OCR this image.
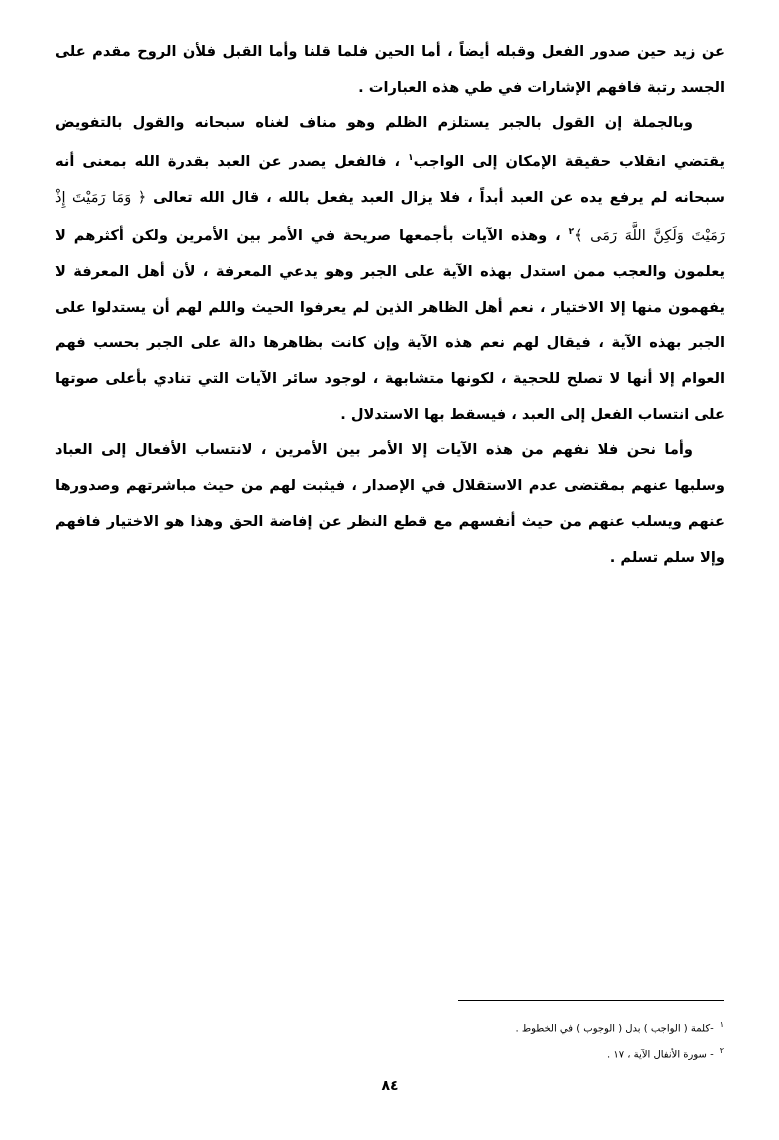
عن زيد حين صدور الفعل وقبله أيضاً ، أما الحين فلما قلنا وأما القبل فلأن الروح مقدم على الجسد رتبة فافهم الإشارات في طي هذه العبارات .

وبالجملة إن القول بالجبر يستلزم الظلم وهو مناف لغناه سبحانه والقول بالتفويض يقتضي انقلاب حقيقة الإمكان إلى الواجب$^١$ ، فالفعل يصدر عن العبد بقدرة الله بمعنى أنه سبحانه لم يرفع يده عن العبد أبداً ، فلا يزال العبد يفعل بالله ، قال الله تعالى ﴿ وَمَا رَمَيْتَ إِذْ رَمَيْتَ وَلَكِنَّ اللَّهَ رَمَى ﴾$^٢$ ، وهذه الآيات بأجمعها صريحة في الأمر بين الأمرين ولكن أكثرهم لا يعلمون والعجب ممن استدل بهذه الآية على الجبر وهو يدعي المعرفة ، لأن أهل المعرفة لا يفهمون منها إلا الاختيار ، نعم أهل الظاهر الذين لم يعرفوا الحيث واللم لهم أن يستدلوا على الجبر بهذه الآية ، فيقال لهم نعم هذه الآية وإن كانت بظاهرها دالة على الجبر بحسب فهم العوام إلا أنها لا تصلح للحجية ، لكونها متشابهة ، لوجود سائر الآيات التي تنادي بأعلى صوتها على انتساب الفعل إلى العبد ، فيسقط بها الاستدلال .

وأما نحن فلا نفهم من هذه الآيات إلا الأمر بين الأمرين ، لانتساب الأفعال إلى العباد وسلبها عنهم بمقتضى عدم الاستقلال في الإصدار ، فيثبت لهم من حيث مباشرتهم وصدورها عنهم ويسلب عنهم من حيث أنفسهم مع قطع النظر عن إفاضة الحق وهذا هو الاختيار فافهم وإلا سلم تسلم .

$^١$-كلمة ( الواجب ) بدل ( الوجوب ) في الخطوط .

$^٢$- سورة الأنفال الآية ، ١٧ .

٨٤
